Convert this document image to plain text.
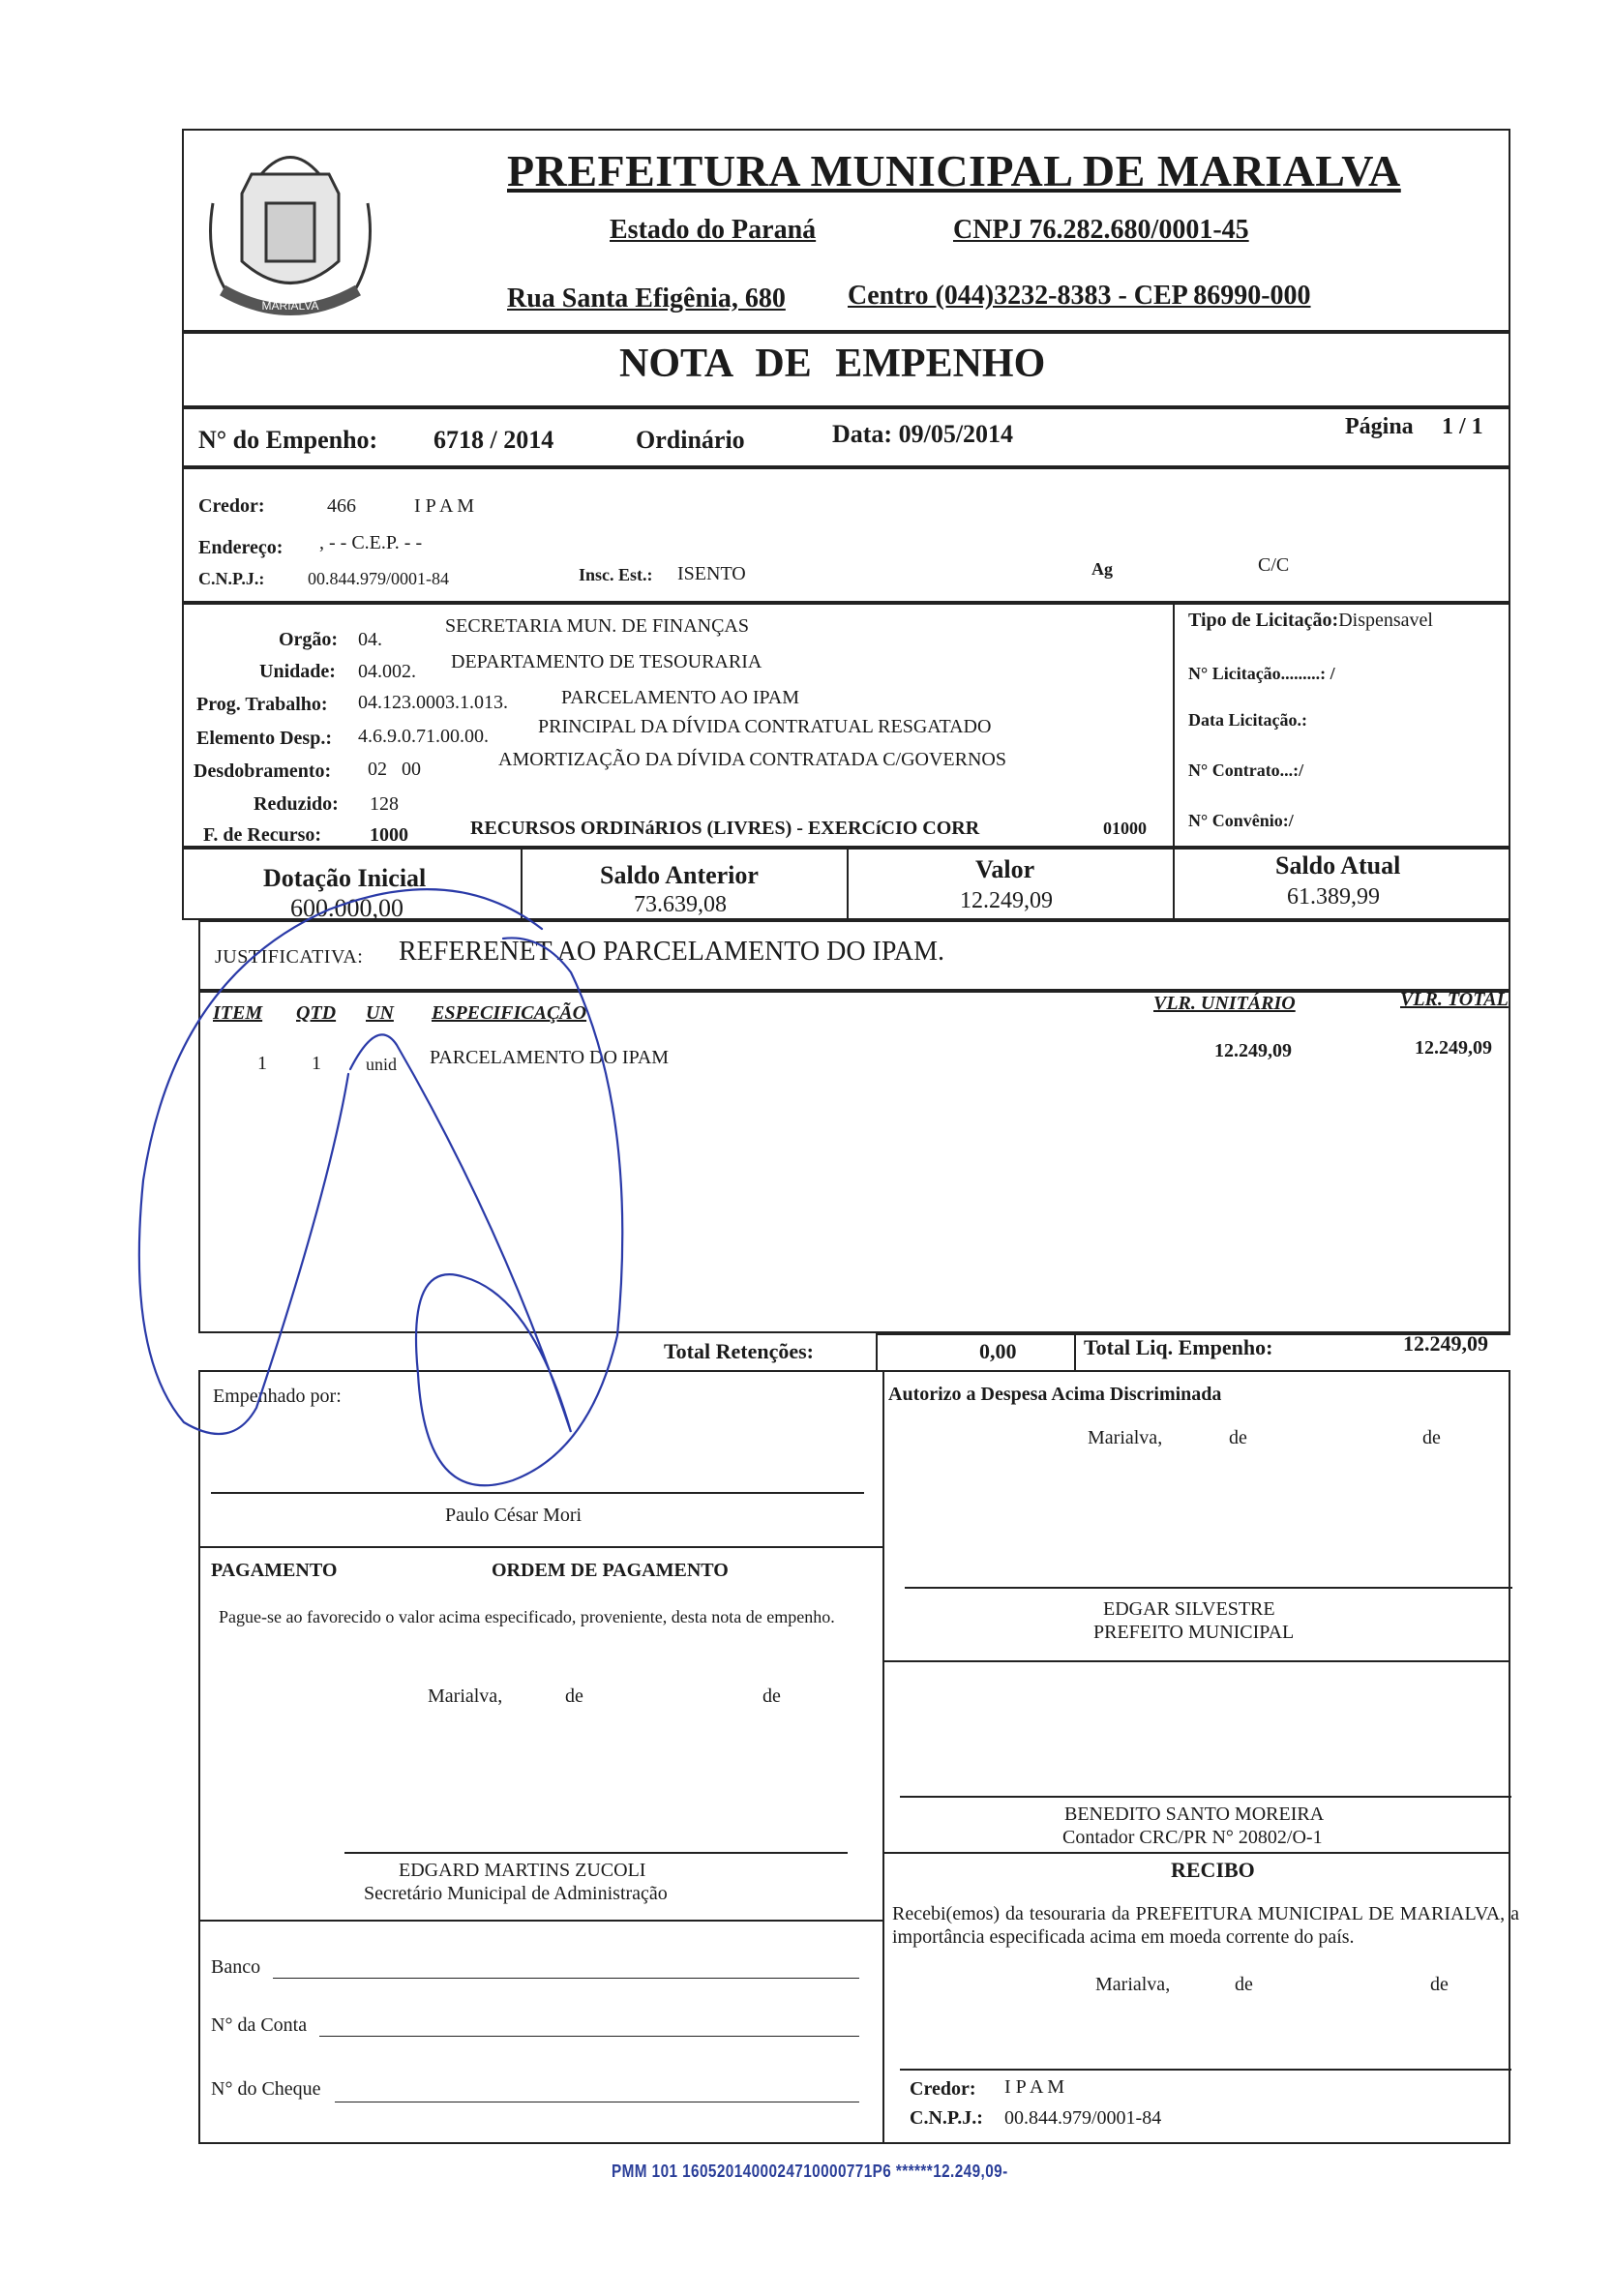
MARIALVA
PREFEITURA MUNICIPAL DE MARIALVA
Estado do Paraná	CNPJ 76.282.680/0001-45
Rua Santa Efigênia, 680 Centro (044)3232-8383 - CEP 86990-000
NOTA DE EMPENHO
N° do Empenho: 6718 / 2014	Ordinário	Data: 09/05/2014	Página 1 / 1
Credor:	466	I P A M
Endereço: , - - C.E.P. - -
C.N.P.J.: 00.844.979/0001-84	Insc. Est.: ISENTO	Ag	C/C
Orgão: 04.
SECRETARIA MUN. DE FINANÇAS
Unidade: 04.002. DEPARTAMENTO DE TESOURARIA
Prog. Trabalho: 04.123.0003.1.013.	PARCELAMENTO AO IPAM
Elemento Desp.: 4.6.9.0.71.00.00.	PRINCIPAL DA DÍVIDA CONTRATUAL RESGATADO
Desdobramento: 02   00	AMORTIZAÇÃO DA DÍVIDA CONTRATADA C/GOVERNOS
Reduzido: 128
F. de Recurso: 1000	RECURSOS ORDINáRIOS (LIVRES) - EXERCíCIO CORR	01000
Tipo de Licitação:Dispensavel
N° Licitação.........: /
Data Licitação.:
N° Contrato...:/
N° Convênio:/
Dotação Inicial
600.000,00
Saldo Anterior
73.639,08
Valor
12.249,09
Saldo Atual
61.389,99
JUSTIFICATIVA: REFERENET AO PARCELAMENTO DO IPAM.
ITEM QTD UN ESPECIFICAÇÃO	VLR. UNITÁRIO	VLR. TOTAL
1 1	unid PARCELAMENTO DO IPAM	12.249,09	12.249,09
Total Retenções:	0,00	Total Liq. Empenho:	12.249,09
Empenhado por:
Paulo César Mori
PAGAMENTO	ORDEM DE PAGAMENTO
Pague-se ao favorecido o valor acima especificado, proveniente, desta nota de empenho.
Marialva,	de	de
EDGARD MARTINS ZUCOLI
Secretário Municipal de Administração
Banco
N° da Conta
N° do Cheque
Autorizo a Despesa Acima Discriminada
Marialva,	de	de
EDGAR SILVESTRE
PREFEITO MUNICIPAL
BENEDITO SANTO MOREIRA
Contador CRC/PR N° 20802/O-1
RECIBO
Recebi(emos) da tesouraria da PREFEITURA MUNICIPAL DE MARIALVA, a importância especificada acima em moeda corrente do país.
Marialva,	de	de
Credor: I P A M
C.N.P.J.: 00.844.979/0001-84
PMM 101 1605201400024710000771P6 ******12.249,09-
